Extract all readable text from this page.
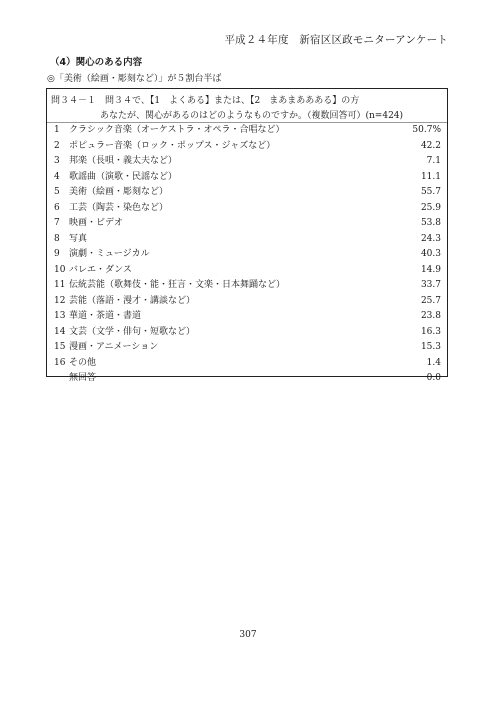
平成２４年度　新宿区区政モニターアンケート
（4）関心のある内容
◎「美術（絵画・彫刻など）」が５割台半ば
問３４－１　問３４で、【1　よくある】または、【2　まあまああある】の方
あなたが、関心があるのはどのようなものですか。（複数回答可）(n=424)
1	クラシック音楽（オーケストラ・オペラ・合唱など）	50.7%
2	ポピュラー音楽（ロック・ポップス・ジャズなど）	42.2
3	邦楽（長唄・義太夫など）	7.1
4	歌謡曲（演歌・民謡など）	11.1
5	美術（絵画・彫刻など）	55.7
6	工芸（陶芸・染色など）	25.9
7	映画・ビデオ	53.8
8	写真	24.3
9	演劇・ミュージカル	40.3
10 バレエ・ダンス	14.9
11 伝統芸能（歌舞伎・能・狂言・文楽・日本舞踊など）	33.7
12 芸能（落語・漫才・講談など）	25.7
13 華道・茶道・書道	23.8
14 文芸（文学・俳句・短歌など）	16.3
15 漫画・アニメーション	15.3
16 その他	1.4
無回答	0.0
307
